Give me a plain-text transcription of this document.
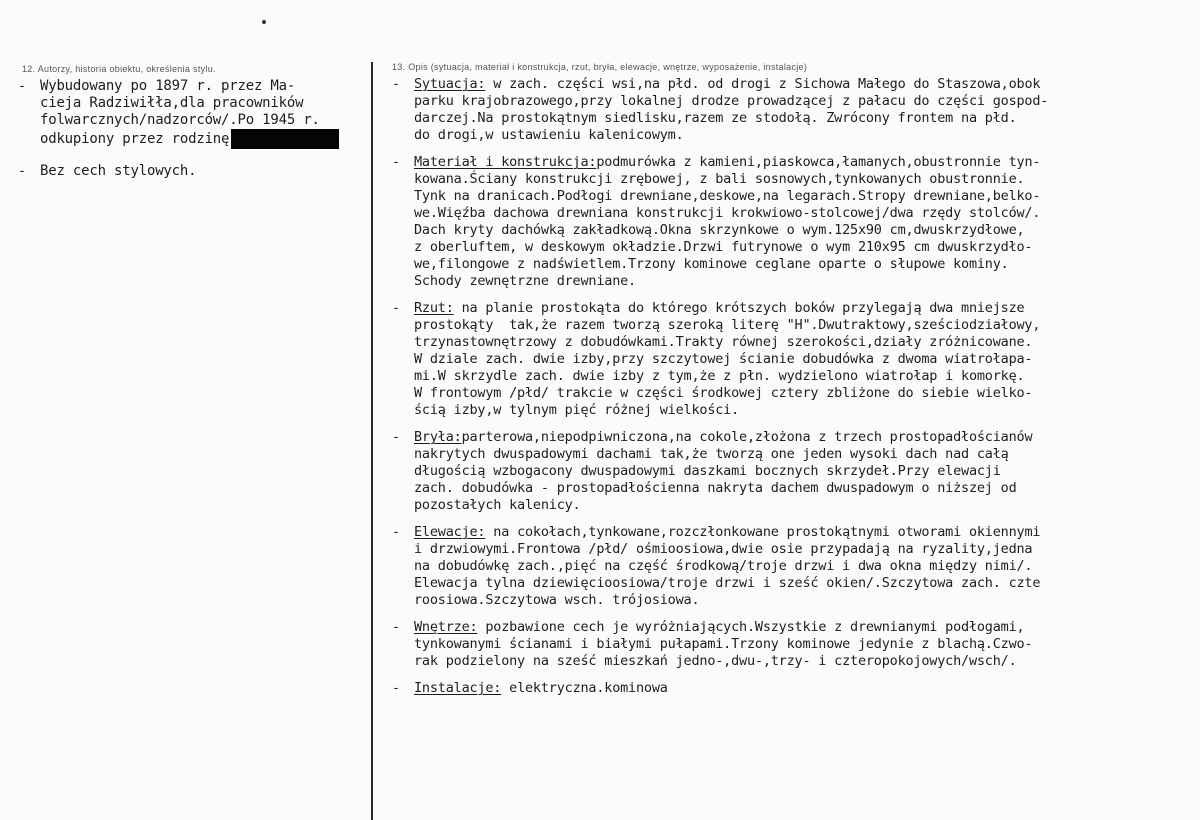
12. Autorzy, historia obiektu, określenia stylu.
- Wybudowany po 1897 r. przez Ma-
cieja Radziwiłła,dla pracowników
folwarcznych/nadzorców/.Po 1945 r.
odkupiony przez rodzinę
- Bez cech stylowych.
13. Opis (sytuacja, materiał i konstrukcja, rzut, bryła, elewacje, wnętrze, wyposażenie, instalacje)
-	Sytuacja: w zach. części wsi,na płd. od drogi z Sichowa Małego do Staszowa,obok
parku krajobrazowego,przy lokalnej drodze prowadzącej z pałacu do części gospod-
darczej.Na prostokątnym siedlisku,razem ze stodołą. Zwrócony frontem na płd.
do drogi,w ustawieniu kalenicowym.
-	Materiał i konstrukcja:podmurówka z kamieni,piaskowca,łamanych,obustronnie tyn-
kowana.Ściany konstrukcji zrębowej, z bali sosnowych,tynkowanych obustronnie.
Tynk na dranicach.Podłogi drewniane,deskowe,na legarach.Stropy drewniane,belko-
we.Więźba dachowa drewniana konstrukcji krokwiowo-stolcowej/dwa rzędy stolców/.
Dach kryty dachówką zakładkową.Okna skrzynkowe o wym.125x90 cm,dwuskrzydłowe,
z oberluftem, w deskowym okładzie.Drzwi futrynowe o wym 210x95 cm dwuskrzydło-
we,filongowe z nadświetlem.Trzony kominowe ceglane oparte o słupowe kominy.
Schody zewnętrzne drewniane.
-	Rzut: na planie prostokąta do którego krótszych boków przylegają dwa mniejsze
prostokąty  tak,że razem tworzą szeroką literę "H".Dwutraktowy,sześciodziałowy,
trzynastownętrzowy z dobudówkami.Trakty równej szerokości,działy zróżnicowane.
W dziale zach. dwie izby,przy szczytowej ścianie dobudówka z dwoma wiatrołapa-
mi.W skrzydle zach. dwie izby z tym,że z płn. wydzielono wiatrołap i komorkę.
W frontowym /płd/ trakcie w części środkowej cztery zbliżone do siebie wielko-
ścią izby,w tylnym pięć różnej wielkości.
-	Bryła:parterowa,niepodpiwniczona,na cokole,złożona z trzech prostopadłościanów
nakrytych dwuspadowymi dachami tak,że tworzą one jeden wysoki dach nad całą
długością wzbogacony dwuspadowymi daszkami bocznych skrzydeł.Przy elewacji
zach. dobudówka - prostopadłościenna nakryta dachem dwuspadowym o niższej od
pozostałych kalenicy.
-	Elewacje: na cokołach,tynkowane,rozczłonkowane prostokątnymi otworami okiennymi
i drzwiowymi.Frontowa /płd/ ośmioosiowa,dwie osie przypadają na ryzality,jedna
na dobudówkę zach.,pięć na część środkową/troje drzwi i dwa okna między nimi/.
Elewacja tylna dziewięcioosiowa/troje drzwi i sześć okien/.Szczytowa zach. czte
roosiowa.Szczytowa wsch. trójosiowa.
-	Wnętrze: pozbawione cech je wyróżniających.Wszystkie z drewnianymi podłogami,
tynkowanymi ścianami i białymi pułapami.Trzony kominowe jedynie z blachą.Czwo-
rak podzielony na sześć mieszkań jedno-,dwu-,trzy- i czteropokojowych/wsch/.
-	Instalacje: elektryczna.kominowa
